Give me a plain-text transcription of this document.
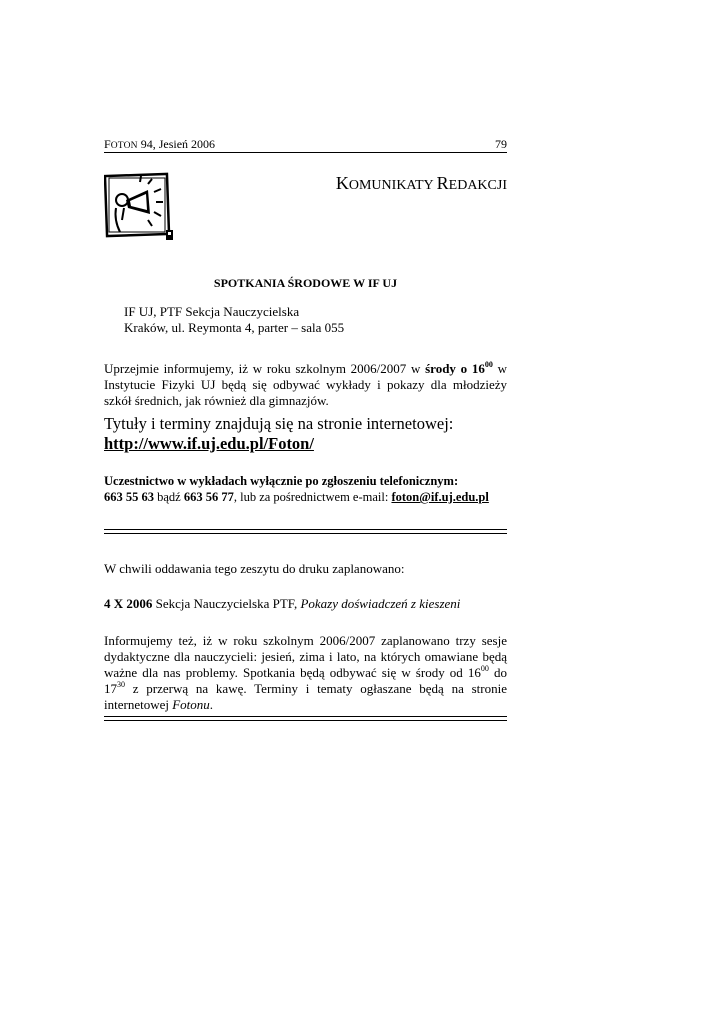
FOTON 94, Jesień 2006	79
KOMUNIKATY REDAKCJI
SPOTKANIA ŚRODOWE W IF UJ
IF UJ, PTF Sekcja Nauczycielska
Kraków, ul. Reymonta 4, parter – sala 055
Uprzejmie informujemy, iż w roku szkolnym 2006/2007 w środy o $16^{00}$ w Instytucie Fizyki UJ będą się odbywać wykłady i pokazy dla młodzieży szkół średnich, jak również dla gimnazjów.
Tytuły i terminy znajdują się na stronie internetowej:
http://www.if.uj.edu.pl/Foton/
Uczestnictwo w wykładach wyłącznie po zgłoszeniu telefonicznym:
663 55 63 bądź 663 56 77, lub za pośrednictwem e-mail: foton@if.uj.edu.pl
W chwili oddawania tego zeszytu do druku zaplanowano:
4 X 2006 Sekcja Nauczycielska PTF, Pokazy doświadczeń z kieszeni
Informujemy też, iż w roku szkolnym 2006/2007 zaplanowano trzy sesje dydaktyczne dla nauczycieli: jesień, zima i lato, na których omawiane będą ważne dla nas problemy. Spotkania będą odbywać się w środy od $16^{00}$ do $17^{30}$ z przerwą na kawę. Terminy i tematy ogłaszane będą na stronie internetowej Fotonu.
